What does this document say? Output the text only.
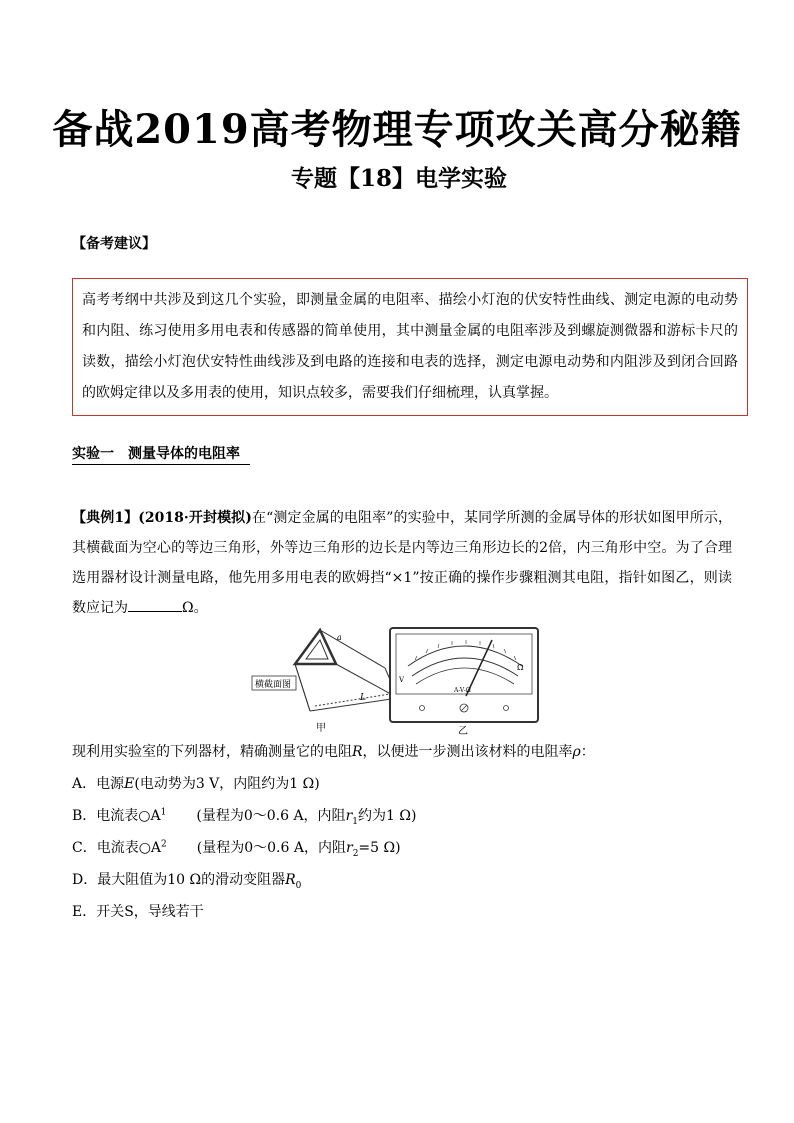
备战2019高考物理专项攻关高分秘籍
专题【18】电学实验
【备考建议】
高考考纲中共涉及到这几个实验，即测量金属的电阻率、描绘小灯泡的伏安特性曲线、测定电源的电动势和内阻、练习使用多用电表和传感器的简单使用，其中测量金属的电阻率涉及到螺旋测微器和游标卡尺的读数，描绘小灯泡伏安特性曲线涉及到电路的连接和电表的选择，测定电源电动势和内阻涉及到闭合回路的欧姆定律以及多用表的使用，知识点较多，需要我们仔细梳理，认真掌握。
实验一　测量导体的电阻率
【典例1】(2018·开封模拟)在“测定金属的电阻率”的实验中，某同学所测的金属导体的形状如图甲所示，其横截面为空心的等边三角形，外等边三角形的边长是内等边三角形边长的2倍，内三角形中空。为了合理选用器材设计测量电路，他先用多用电表的欧姆挡“×1”按正确的操作步骤粗测其电阻，指针如图乙，则读数应记为	Ω。
横截面图
a
L
甲
Ω
V
A-V-Ω
乙
现利用实验室的下列器材，精确测量它的电阻R，以便进一步测出该材料的电阻率ρ：
A．电源E(电动势为3 V，内阻约为1 Ω)
B．电流表$○A^1$ (量程为0～0.6 A，内阻$r_1$约为1 Ω)
C．电流表$○A^2$ (量程为0～0.6 A，内阻$r_2=5$ Ω)
D．最大阻值为10 Ω的滑动变阻器$R_0$
E．开关S，导线若干
